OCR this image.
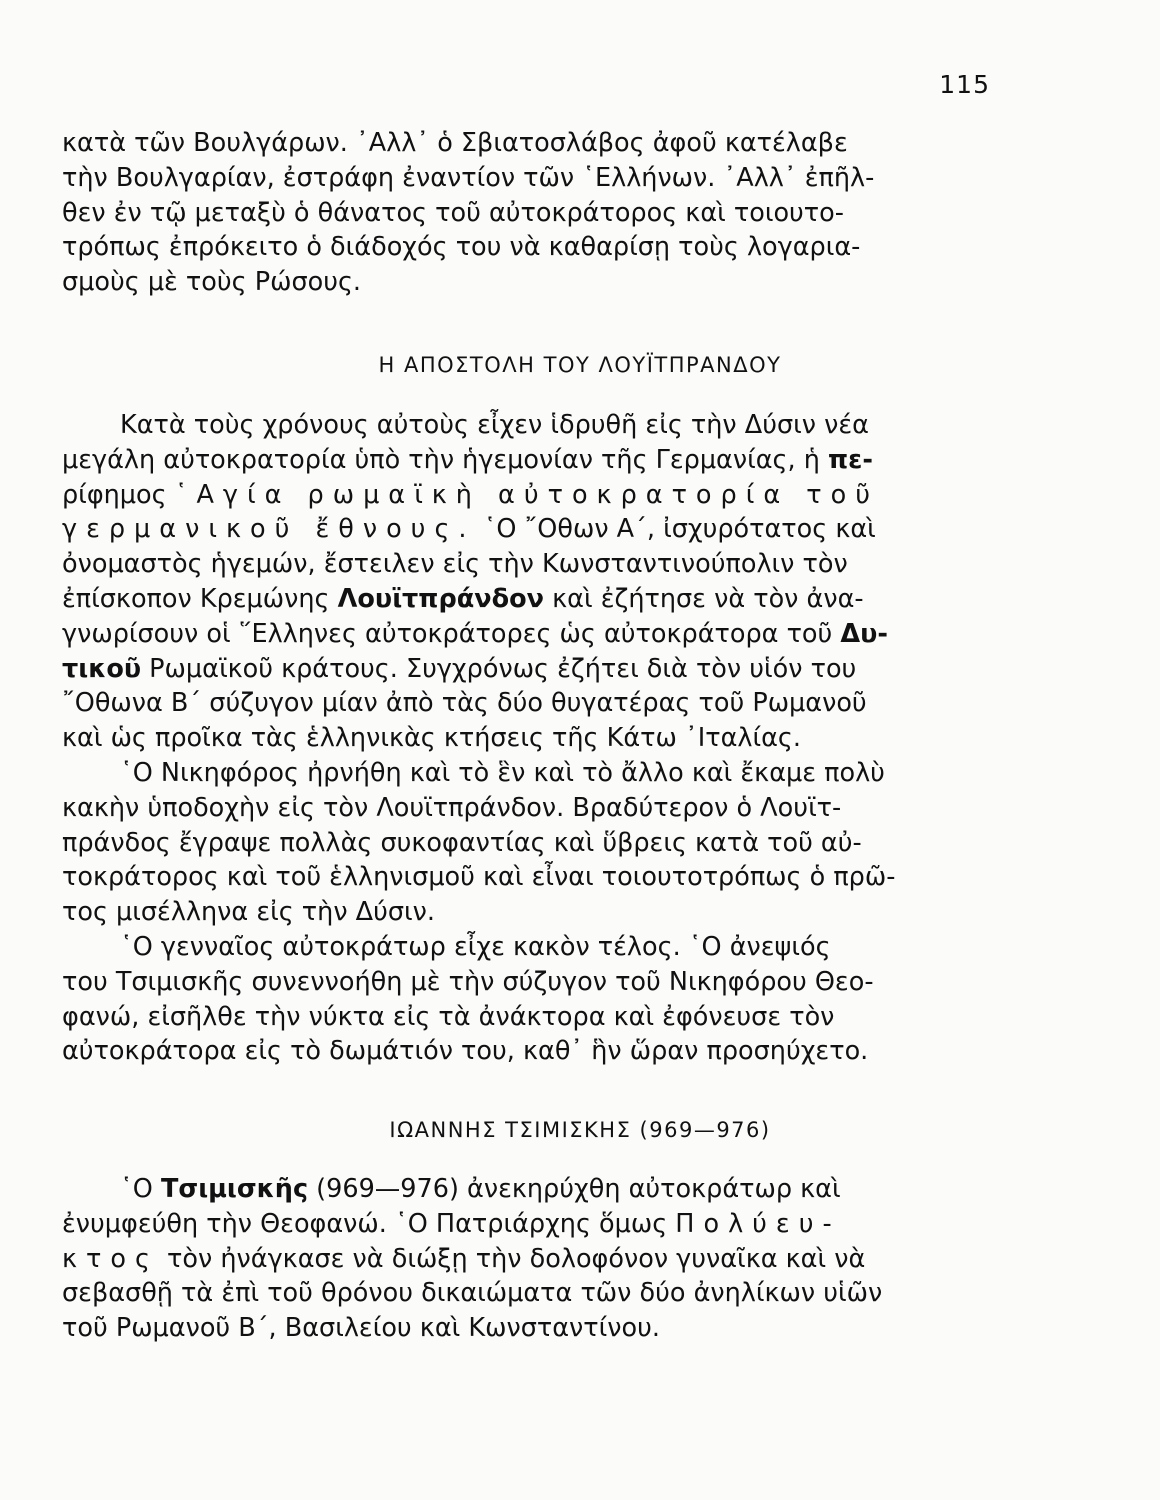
115
κατὰ τῶν Βουλγάρων. ᾿Αλλ᾿ ὁ Σβιατοσλάβος ἀφοῦ κατέλαβε
τὴν Βουλγαρίαν, ἐστράφη ἐναντίον τῶν ῾Ελλήνων. ᾿Αλλ᾿ ἐπῆλ-
θεν ἐν τῷ μεταξὺ ὁ θάνατος τοῦ αὐτοκράτορος καὶ τοιουτο-
τρόπως ἐπρόκειτο ὁ διάδοχός του νὰ καθαρίσῃ τοὺς λογαρια-
σμοὺς μὲ τοὺς Ρώσους.
Η ΑΠΟΣΤΟΛΗ ΤΟΥ ΛΟΥΪΤΠΡΑΝΔΟΥ
Κατὰ τοὺς χρόνους αὐτοὺς εἶχεν ἱδρυθῆ εἰς τὴν Δύσιν νέα
μεγάλη αὐτοκρατορία ὑπὸ τὴν ἡγεμονίαν τῆς Γερμανίας, ἡ πε-
ρίφημος ῾Αγία ρωμαϊκὴ αὐτοκρατορία τοῦ
γερμανικοῦ ἔθνους. ῾Ο ῎Οθων Α΄, ἰσχυρότατος καὶ
ὀνομαστὸς ἡγεμών, ἔστειλεν εἰς τὴν Κωνσταντινούπολιν τὸν
ἐπίσκοπον Κρεμώνης Λουϊτπράνδον καὶ ἐζήτησε νὰ τὸν ἀνα-
γνωρίσουν οἱ ῞Ελληνες αὐτοκράτορες ὡς αὐτοκράτορα τοῦ Δυ-
τικοῦ Ρωμαϊκοῦ κράτους. Συγχρόνως ἐζήτει διὰ τὸν υἱόν του
῎Οθωνα Β΄ σύζυγον μίαν ἀπὸ τὰς δύο θυγατέρας τοῦ Ρωμανοῦ
καὶ ὡς προῖκα τὰς ἑλληνικὰς κτήσεις τῆς Κάτω ᾿Ιταλίας.
῾Ο Νικηφόρος ἠρνήθη καὶ τὸ ἓν καὶ τὸ ἄλλο καὶ ἔκαμε πολὺ
κακὴν ὑποδοχὴν εἰς τὸν Λουϊτπράνδον. Βραδύτερον ὁ Λουϊτ-
πράνδος ἔγραψε πολλὰς συκοφαντίας καὶ ὕβρεις κατὰ τοῦ αὐ-
τοκράτορος καὶ τοῦ ἑλληνισμοῦ καὶ εἶναι τοιουτοτρόπως ὁ πρῶ-
τος μισέλληνα εἰς τὴν Δύσιν.
῾Ο γενναῖος αὐτοκράτωρ εἶχε κακὸν τέλος. ῾Ο ἀνεψιός
του Τσιμισκῆς συνεννοήθη μὲ τὴν σύζυγον τοῦ Νικηφόρου Θεο-
φανώ, εἰσῆλθε τὴν νύκτα εἰς τὰ ἀνάκτορα καὶ ἐφόνευσε τὸν
αὐτοκράτορα εἰς τὸ δωμάτιόν του, καθ᾿ ἣν ὥραν προσηύχετο.
ΙΩΑΝΝΗΣ ΤΣΙΜΙΣΚΗΣ (969—976)
῾Ο Τσιμισκῆς (969—976) ἀνεκηρύχθη αὐτοκράτωρ καὶ
ἐνυμφεύθη τὴν Θεοφανώ. ῾Ο Πατριάρχης ὅμως Πολύευ-
κτος τὸν ἠνάγκασε νὰ διώξῃ τὴν δολοφόνον γυναῖκα καὶ νὰ
σεβασθῇ τὰ ἐπὶ τοῦ θρόνου δικαιώματα τῶν δύο ἀνηλίκων υἱῶν
τοῦ Ρωμανοῦ Β΄, Βασιλείου καὶ Κωνσταντίνου.
